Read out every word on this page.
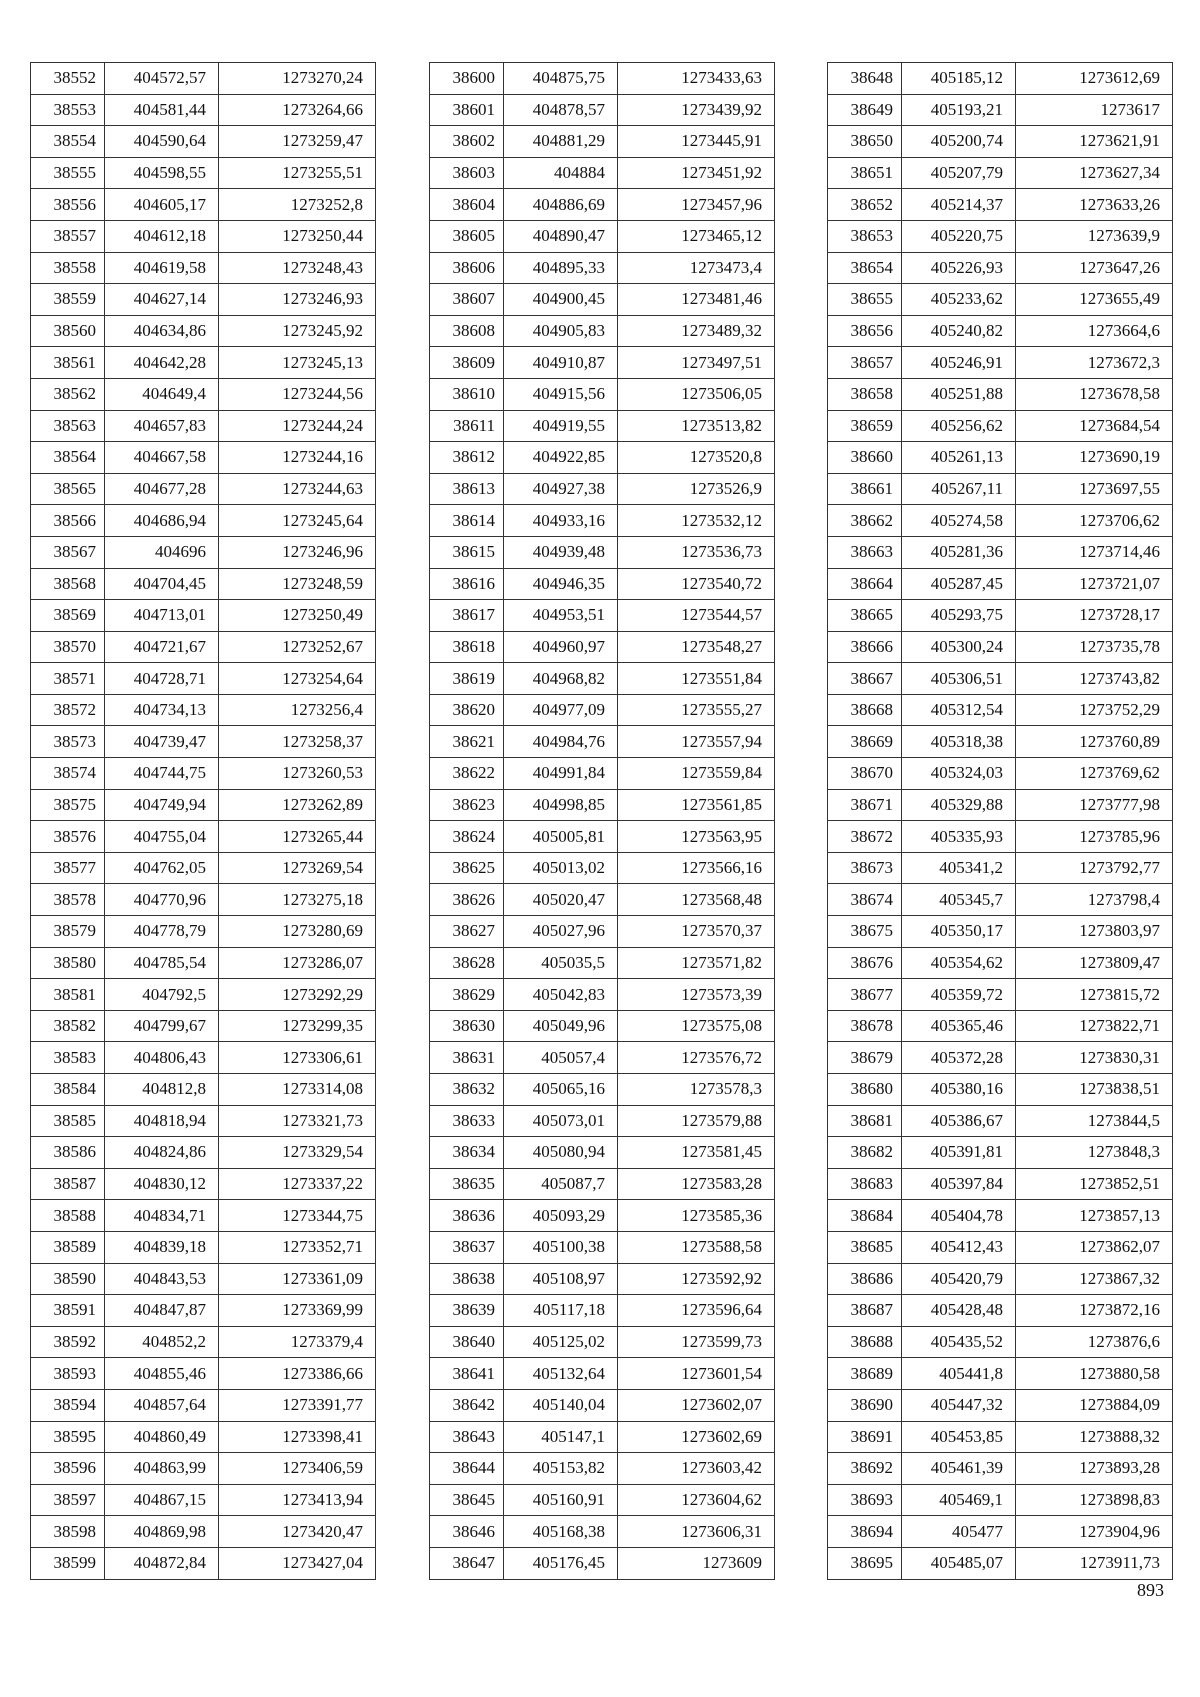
38552	404572,57	1273270,24
38553	404581,44	1273264,66
38554	404590,64	1273259,47
38555	404598,55	1273255,51
38556	404605,17	1273252,8
38557	404612,18	1273250,44
38558	404619,58	1273248,43
38559	404627,14	1273246,93
38560	404634,86	1273245,92
38561	404642,28	1273245,13
38562	404649,4	1273244,56
38563	404657,83	1273244,24
38564	404667,58	1273244,16
38565	404677,28	1273244,63
38566	404686,94	1273245,64
38567	404696	1273246,96
38568	404704,45	1273248,59
38569	404713,01	1273250,49
38570	404721,67	1273252,67
38571	404728,71	1273254,64
38572	404734,13	1273256,4
38573	404739,47	1273258,37
38574	404744,75	1273260,53
38575	404749,94	1273262,89
38576	404755,04	1273265,44
38577	404762,05	1273269,54
38578	404770,96	1273275,18
38579	404778,79	1273280,69
38580	404785,54	1273286,07
38581	404792,5	1273292,29
38582	404799,67	1273299,35
38583	404806,43	1273306,61
38584	404812,8	1273314,08
38585	404818,94	1273321,73
38586	404824,86	1273329,54
38587	404830,12	1273337,22
38588	404834,71	1273344,75
38589	404839,18	1273352,71
38590	404843,53	1273361,09
38591	404847,87	1273369,99
38592	404852,2	1273379,4
38593	404855,46	1273386,66
38594	404857,64	1273391,77
38595	404860,49	1273398,41
38596	404863,99	1273406,59
38597	404867,15	1273413,94
38598	404869,98	1273420,47
38599	404872,84	1273427,04
38600	404875,75	1273433,63
38601	404878,57	1273439,92
38602	404881,29	1273445,91
38603	404884	1273451,92
38604	404886,69	1273457,96
38605	404890,47	1273465,12
38606	404895,33	1273473,4
38607	404900,45	1273481,46
38608	404905,83	1273489,32
38609	404910,87	1273497,51
38610	404915,56	1273506,05
38611	404919,55	1273513,82
38612	404922,85	1273520,8
38613	404927,38	1273526,9
38614	404933,16	1273532,12
38615	404939,48	1273536,73
38616	404946,35	1273540,72
38617	404953,51	1273544,57
38618	404960,97	1273548,27
38619	404968,82	1273551,84
38620	404977,09	1273555,27
38621	404984,76	1273557,94
38622	404991,84	1273559,84
38623	404998,85	1273561,85
38624	405005,81	1273563,95
38625	405013,02	1273566,16
38626	405020,47	1273568,48
38627	405027,96	1273570,37
38628	405035,5	1273571,82
38629	405042,83	1273573,39
38630	405049,96	1273575,08
38631	405057,4	1273576,72
38632	405065,16	1273578,3
38633	405073,01	1273579,88
38634	405080,94	1273581,45
38635	405087,7	1273583,28
38636	405093,29	1273585,36
38637	405100,38	1273588,58
38638	405108,97	1273592,92
38639	405117,18	1273596,64
38640	405125,02	1273599,73
38641	405132,64	1273601,54
38642	405140,04	1273602,07
38643	405147,1	1273602,69
38644	405153,82	1273603,42
38645	405160,91	1273604,62
38646	405168,38	1273606,31
38647	405176,45	1273609
38648	405185,12	1273612,69
38649	405193,21	1273617
38650	405200,74	1273621,91
38651	405207,79	1273627,34
38652	405214,37	1273633,26
38653	405220,75	1273639,9
38654	405226,93	1273647,26
38655	405233,62	1273655,49
38656	405240,82	1273664,6
38657	405246,91	1273672,3
38658	405251,88	1273678,58
38659	405256,62	1273684,54
38660	405261,13	1273690,19
38661	405267,11	1273697,55
38662	405274,58	1273706,62
38663	405281,36	1273714,46
38664	405287,45	1273721,07
38665	405293,75	1273728,17
38666	405300,24	1273735,78
38667	405306,51	1273743,82
38668	405312,54	1273752,29
38669	405318,38	1273760,89
38670	405324,03	1273769,62
38671	405329,88	1273777,98
38672	405335,93	1273785,96
38673	405341,2	1273792,77
38674	405345,7	1273798,4
38675	405350,17	1273803,97
38676	405354,62	1273809,47
38677	405359,72	1273815,72
38678	405365,46	1273822,71
38679	405372,28	1273830,31
38680	405380,16	1273838,51
38681	405386,67	1273844,5
38682	405391,81	1273848,3
38683	405397,84	1273852,51
38684	405404,78	1273857,13
38685	405412,43	1273862,07
38686	405420,79	1273867,32
38687	405428,48	1273872,16
38688	405435,52	1273876,6
38689	405441,8	1273880,58
38690	405447,32	1273884,09
38691	405453,85	1273888,32
38692	405461,39	1273893,28
38693	405469,1	1273898,83
38694	405477	1273904,96
38695	405485,07	1273911,73
893
